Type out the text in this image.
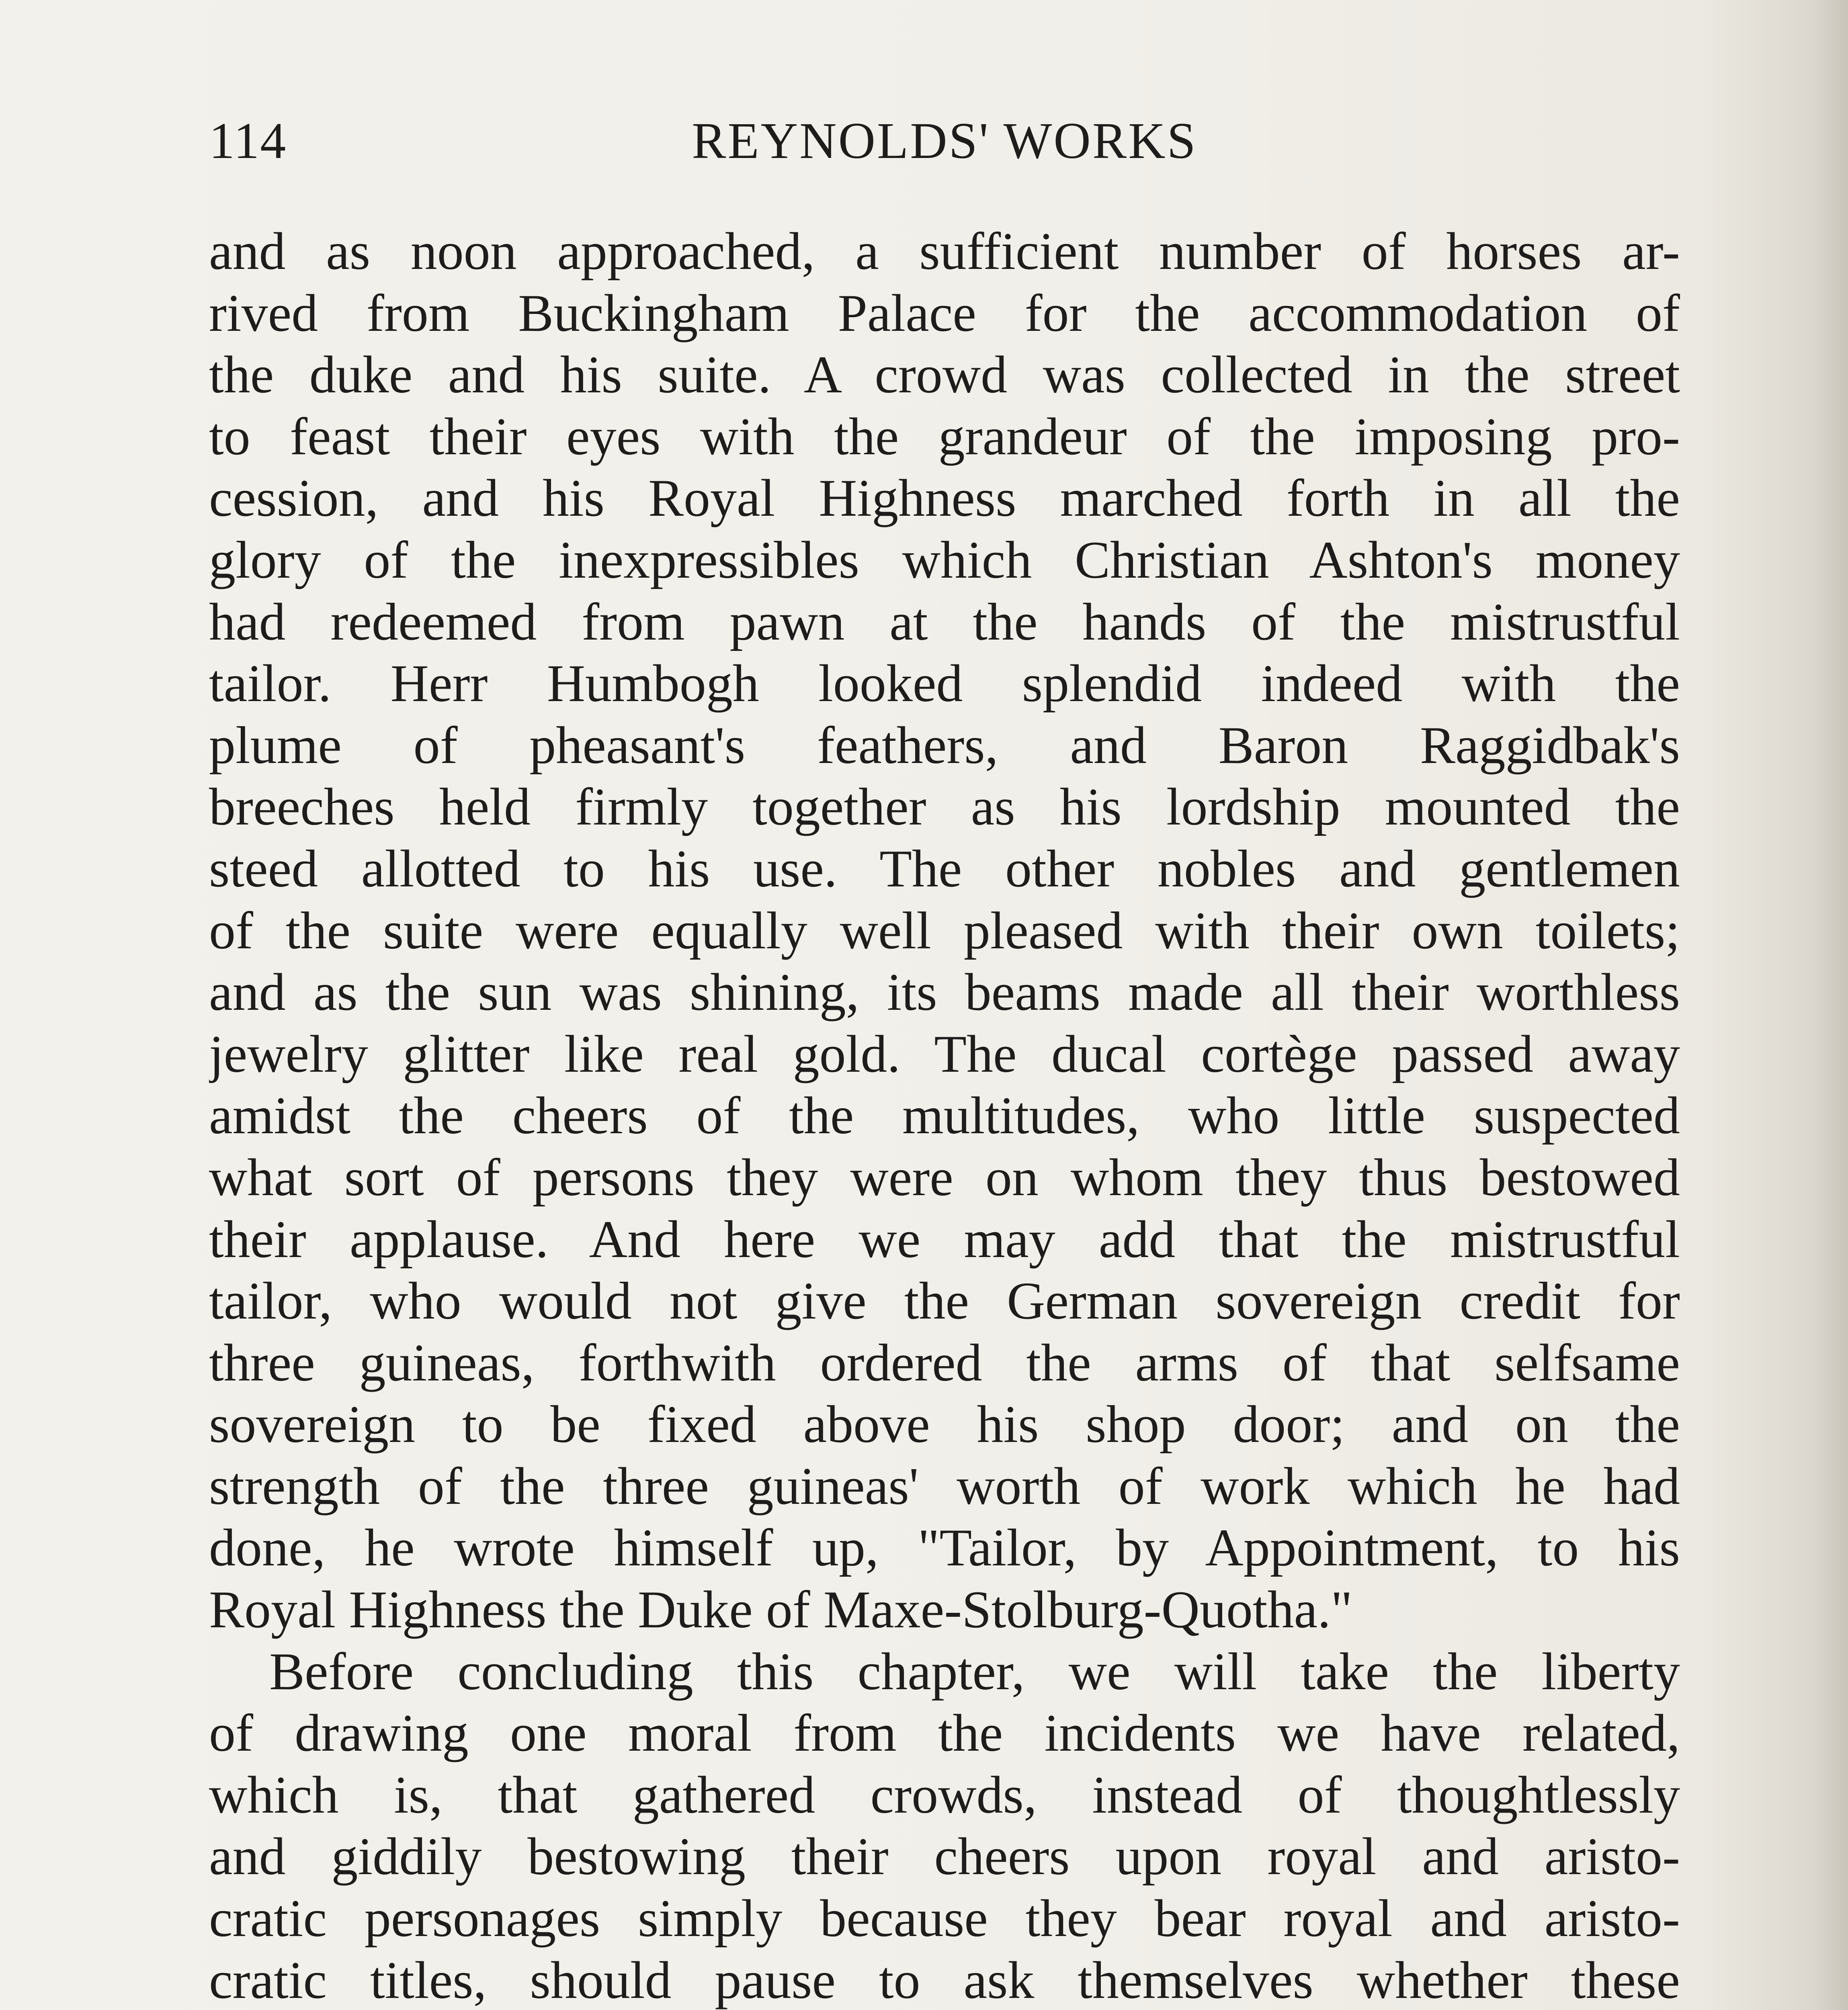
114	REYNOLDS' WORKS
and as noon approached, a sufficient number of horses ar-
rived from Buckingham Palace for the accommodation of
the duke and his suite. A crowd was collected in the street
to feast their eyes with the grandeur of the imposing pro-
cession, and his Royal Highness marched forth in all the
glory of the inexpressibles which Christian Ashton's money
had redeemed from pawn at the hands of the mistrustful
tailor. Herr Humbogh looked splendid indeed with the
plume of pheasant's feathers, and Baron Raggidbak's
breeches held firmly together as his lordship mounted the
steed allotted to his use. The other nobles and gentlemen
of the suite were equally well pleased with their own toilets;
and as the sun was shining, its beams made all their worthless
jewelry glitter like real gold. The ducal cortège passed away
amidst the cheers of the multitudes, who little suspected
what sort of persons they were on whom they thus bestowed
their applause. And here we may add that the mistrustful
tailor, who would not give the German sovereign credit for
three guineas, forthwith ordered the arms of that selfsame
sovereign to be fixed above his shop door; and on the
strength of the three guineas' worth of work which he had
done, he wrote himself up, "Tailor, by Appointment, to his
Royal Highness the Duke of Maxe-Stolburg-Quotha."
Before concluding this chapter, we will take the liberty
of drawing one moral from the incidents we have related,
which is, that gathered crowds, instead of thoughtlessly
and giddily bestowing their cheers upon royal and aristo-
cratic personages simply because they bear royal and aristo-
cratic titles, should pause to ask themselves whether these
